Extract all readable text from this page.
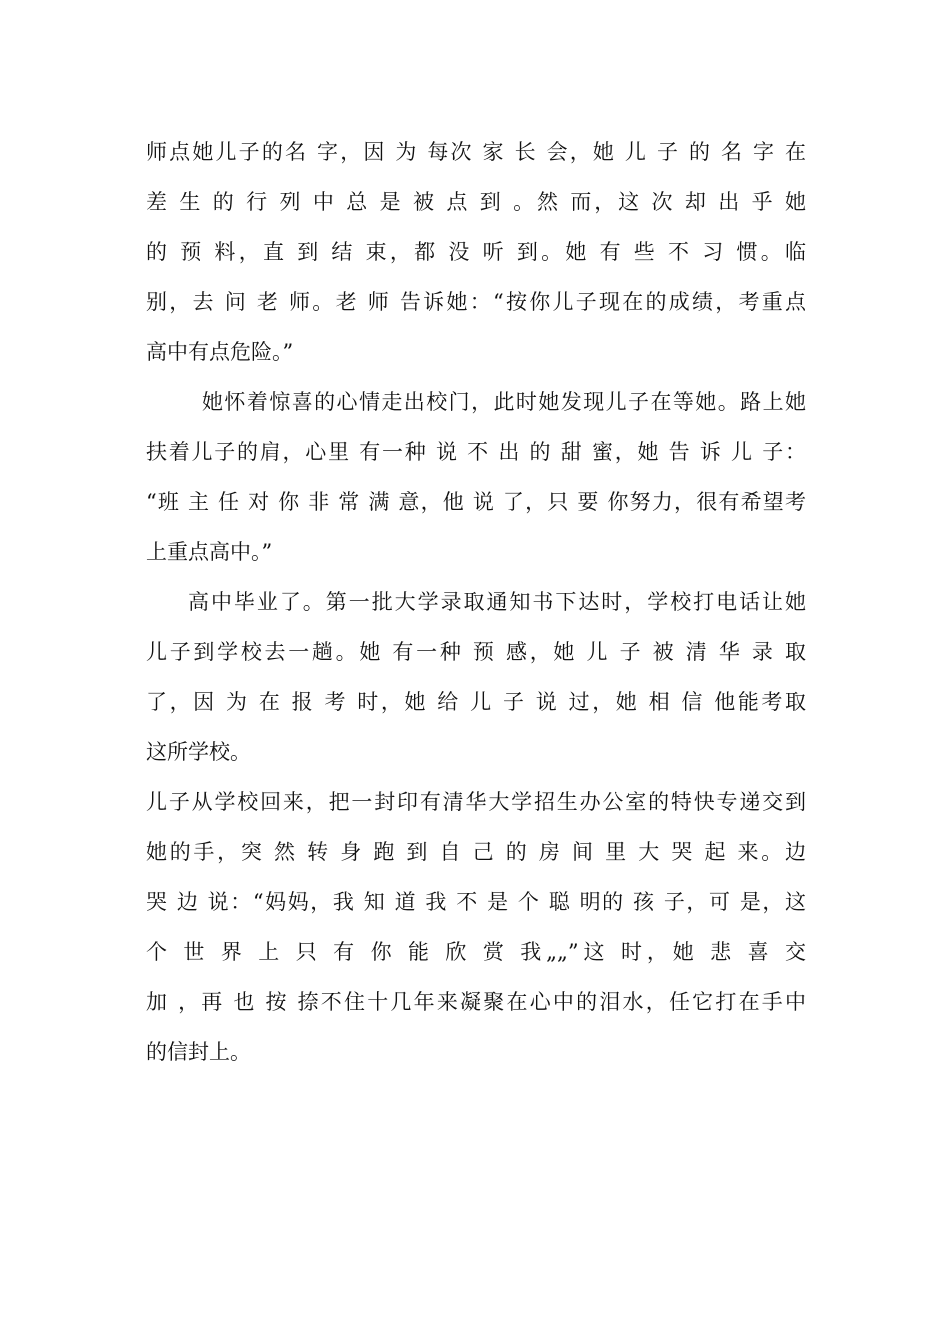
师点她儿子的名 字，因 为 每次 家 长 会，她 儿 子 的 名 字 在
差 生 的 行 列 中 总 是 被 点 到 。然 而，这 次 却 出 乎 她
的 预 料，直 到 结 束，都 没 听 到。她 有 些 不 习 惯。临
别，去 问 老 师。老 师 告诉她：“按你儿子现在的成绩，考重点
高中有点危险。”
她怀着惊喜的心情走出校门，此时她发现儿子在等她。路上她
扶着儿子的肩，心里 有一种 说 不 出 的 甜 蜜，她 告 诉 儿 子：
“班 主 任 对 你 非 常 满 意，他 说 了，只 要 你努力，很有希望考
上重点高中。”
高中毕业了。第一批大学录取通知书下达时，学校打电话让她
儿子到学校去一趟。她 有一种 预 感，她 儿 子 被 清 华 录 取
了，因 为 在 报 考 时，她 给 儿 子 说 过，她 相 信 他能考取
这所学校。
儿子从学校回来，把一封印有清华大学招生办公室的特快专递交到
她的手，突 然 转 身 跑 到 自 己 的 房 间 里 大 哭 起 来。边
哭 边 说：“妈妈，我 知 道 我 不 是 个 聪 明的 孩 子，可 是，这
个 世 界 上 只 有 你 能 欣 赏 我„„”这 时，她 悲 喜 交
加 ，再 也 按 捺不住十几年来凝聚在心中的泪水，任它打在手中
的信封上。
